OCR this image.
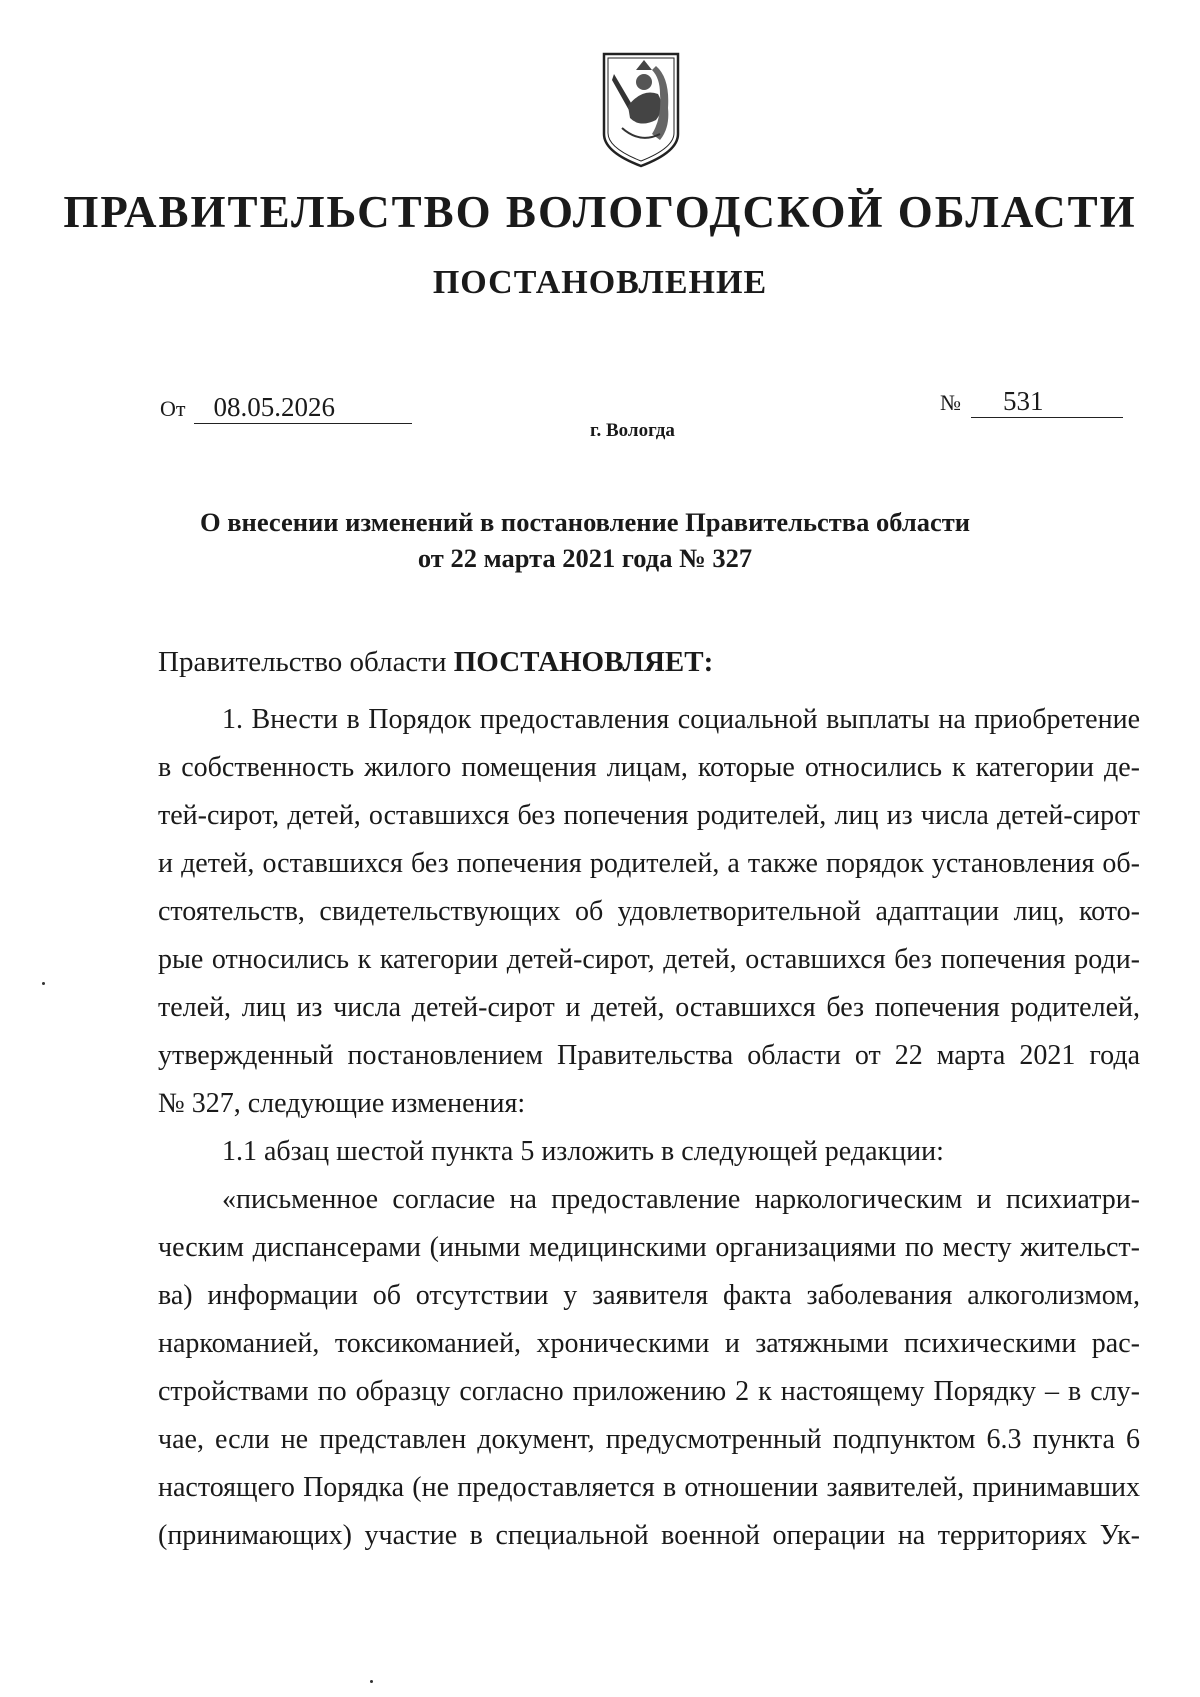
ПРАВИТЕЛЬСТВО ВОЛОГОДСКОЙ ОБЛАСТИ
ПОСТАНОВЛЕНИЕ
От 08.05.2026	№ 531
г. Вологда
О внесении изменений в постановление Правительства области
от 22 марта 2021 года № 327
Правительство области ПОСТАНОВЛЯЕТ:
1. Внести в Порядок предоставления социальной выплаты на приобретение
в собственность жилого помещения лицам, которые относились к категории де-
тей-сирот, детей, оставшихся без попечения родителей, лиц из числа детей-сирот
и детей, оставшихся без попечения родителей, а также порядок установления об-
стоятельств, свидетельствующих об удовлетворительной адаптации лиц, кото-
рые относились к категории детей-сирот, детей, оставшихся без попечения роди-
телей, лиц из числа детей-сирот и детей, оставшихся без попечения родителей,
утвержденный постановлением Правительства области от 22 марта 2021 года
№ 327, следующие изменения:
1.1 абзац шестой пункта 5 изложить в следующей редакции:
«письменное согласие на предоставление наркологическим и психиатри-
ческим диспансерами (иными медицинскими организациями по месту жительст-
ва) информации об отсутствии у заявителя факта заболевания алкоголизмом,
наркоманией, токсикоманией, хроническими и затяжными психическими рас-
стройствами по образцу согласно приложению 2 к настоящему Порядку – в слу-
чае, если не представлен документ, предусмотренный подпунктом 6.3 пункта 6
настоящего Порядка (не предоставляется в отношении заявителей, принимавших
(принимающих) участие в специальной военной операции на территориях Ук-
